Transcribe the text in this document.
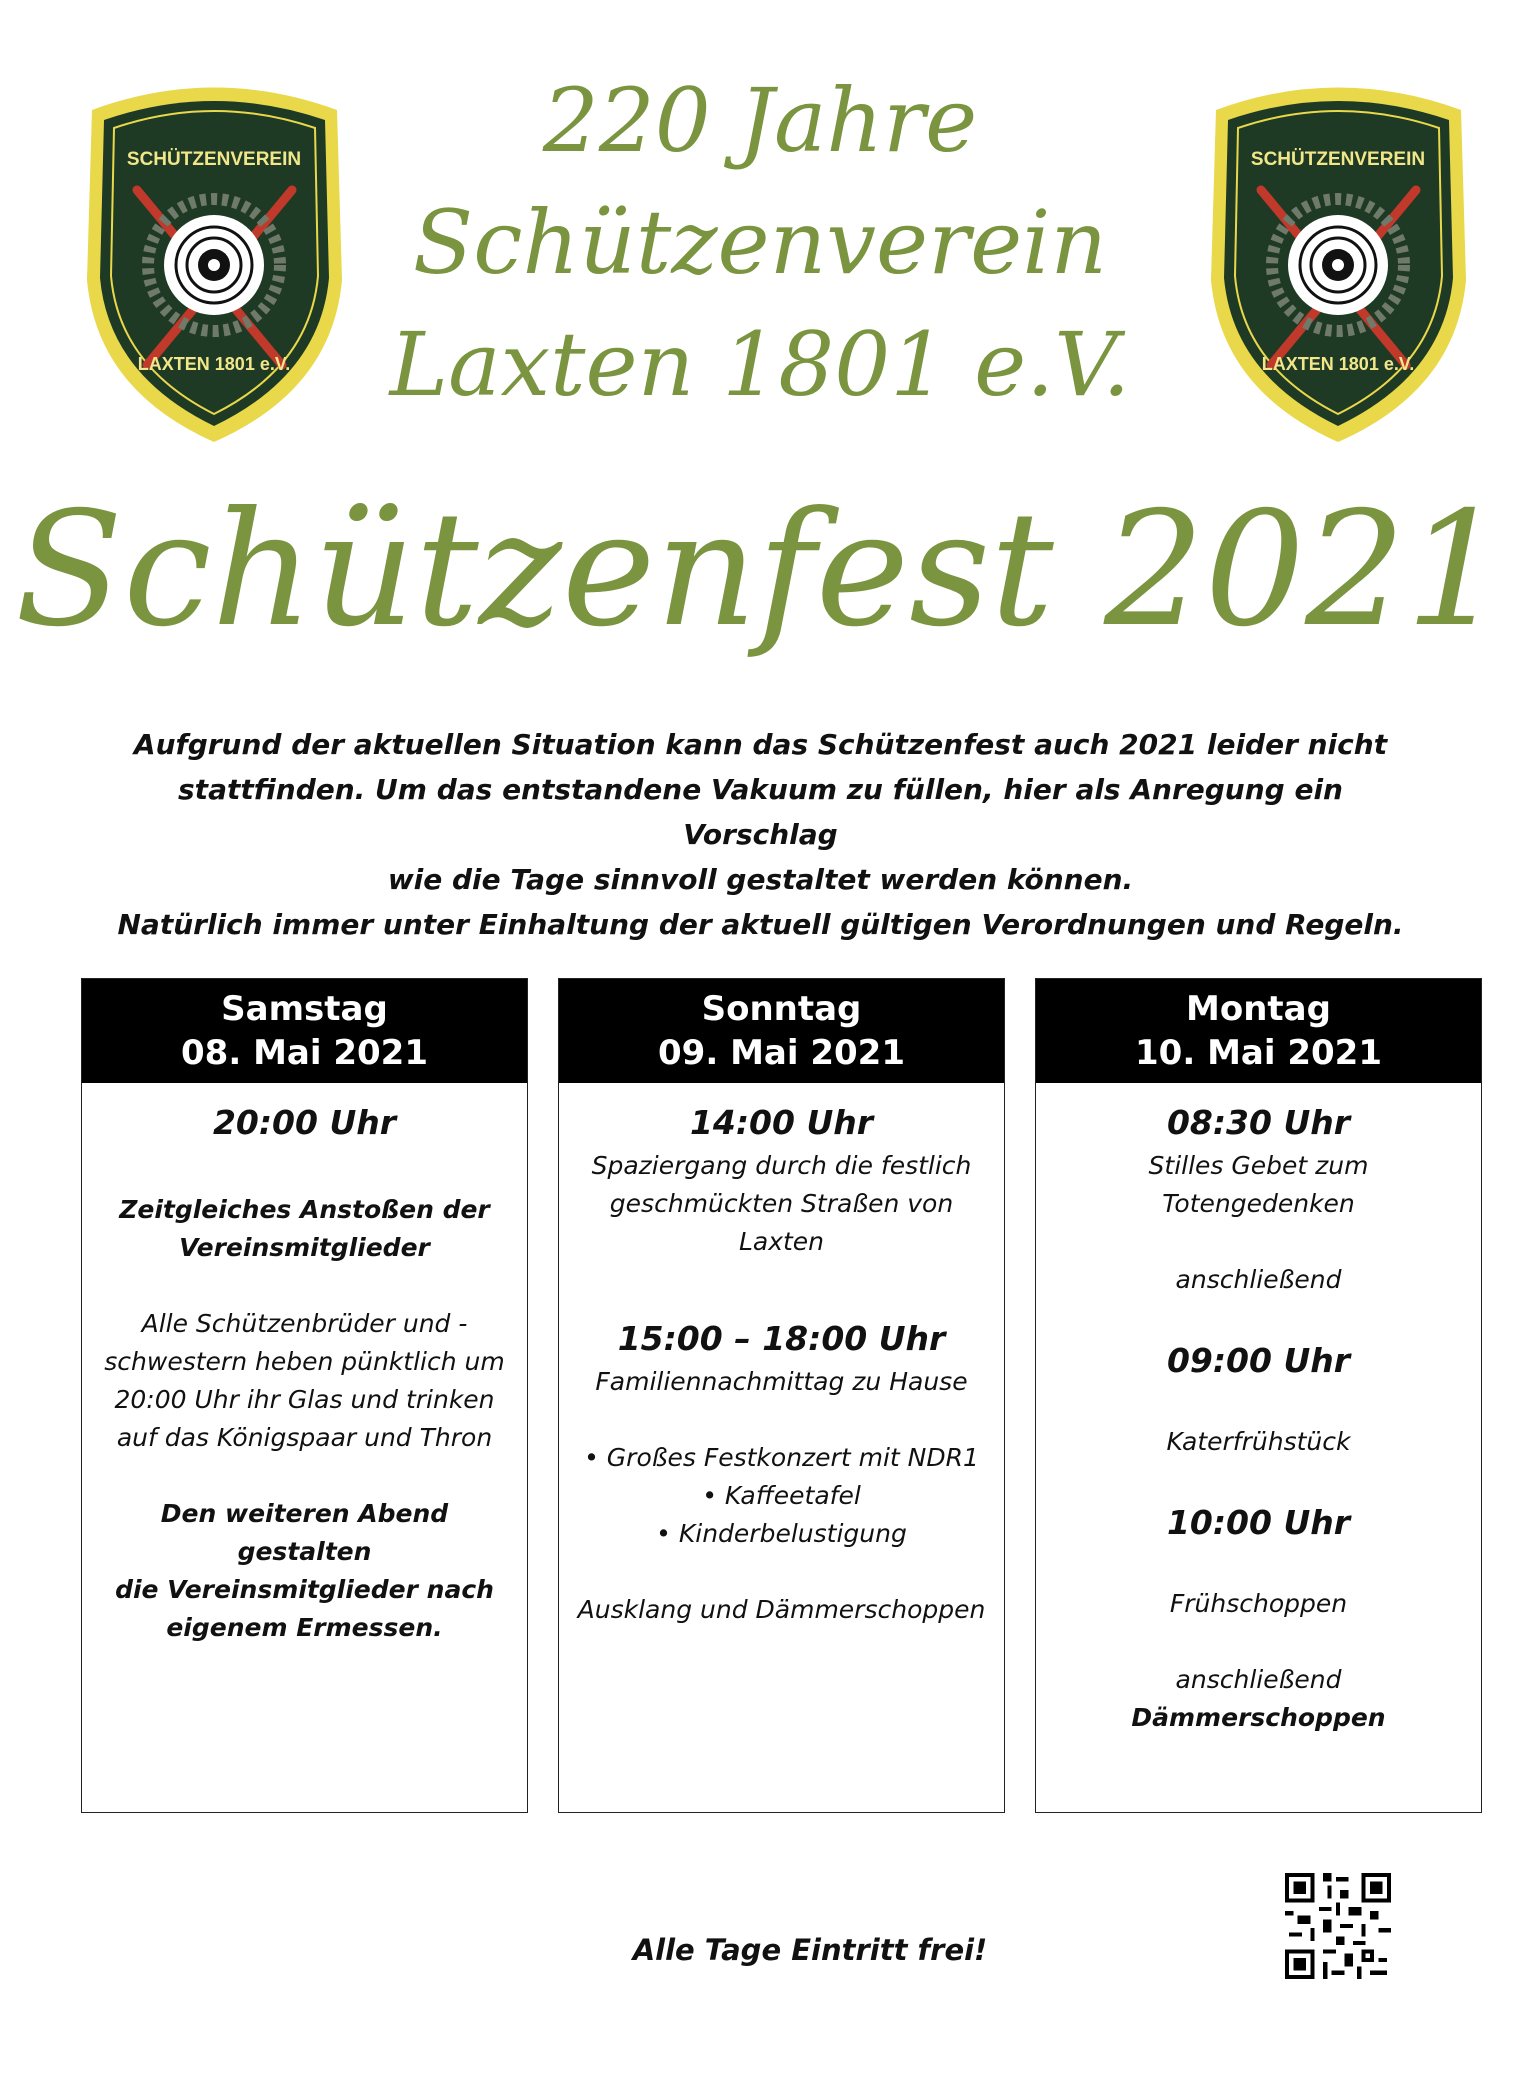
SCHÜTZENVEREIN
LAXTEN 1801 e.V.
SCHÜTZENVEREIN
LAXTEN 1801 e.V.
220 Jahre
Schützenverein
Laxten 1801 e.V.
Schützenfest 2021

Aufgrund der aktuellen Situation kann das Schützenfest auch 2021 leider nicht

stattfinden. Um das entstandene Vakuum zu füllen, hier als Anregung ein Vorschlag

wie die Tage sinnvoll gestaltet werden können.

Natürlich immer unter Einhaltung der aktuell gültigen Verordnungen und Regeln.

Samstag
08. Mai 2021

20:00 Uhr

Zeitgleiches Anstoßen der

Vereinsmitglieder

Alle Schützenbrüder und -

schwestern heben pünktlich um

20:00 Uhr ihr Glas und trinken

auf das Königspaar und Thron

Den weiteren Abend gestalten

die Vereinsmitglieder nach

eigenem Ermessen.

Sonntag
09. Mai 2021

14:00 Uhr

Spaziergang durch die festlich

geschmückten Straßen von

Laxten

15:00 – 18:00 Uhr

Familiennachmittag zu Hause

• Großes Festkonzert mit NDR1

• Kaffeetafel

• Kinderbelustigung

Ausklang und Dämmerschoppen

Montag
10. Mai 2021

08:30 Uhr

Stilles Gebet zum

Totengedenken

anschließend

09:00 Uhr

Katerfrühstück

10:00 Uhr

Frühschoppen

anschließend

Dämmerschoppen

Alle Tage Eintritt frei!
